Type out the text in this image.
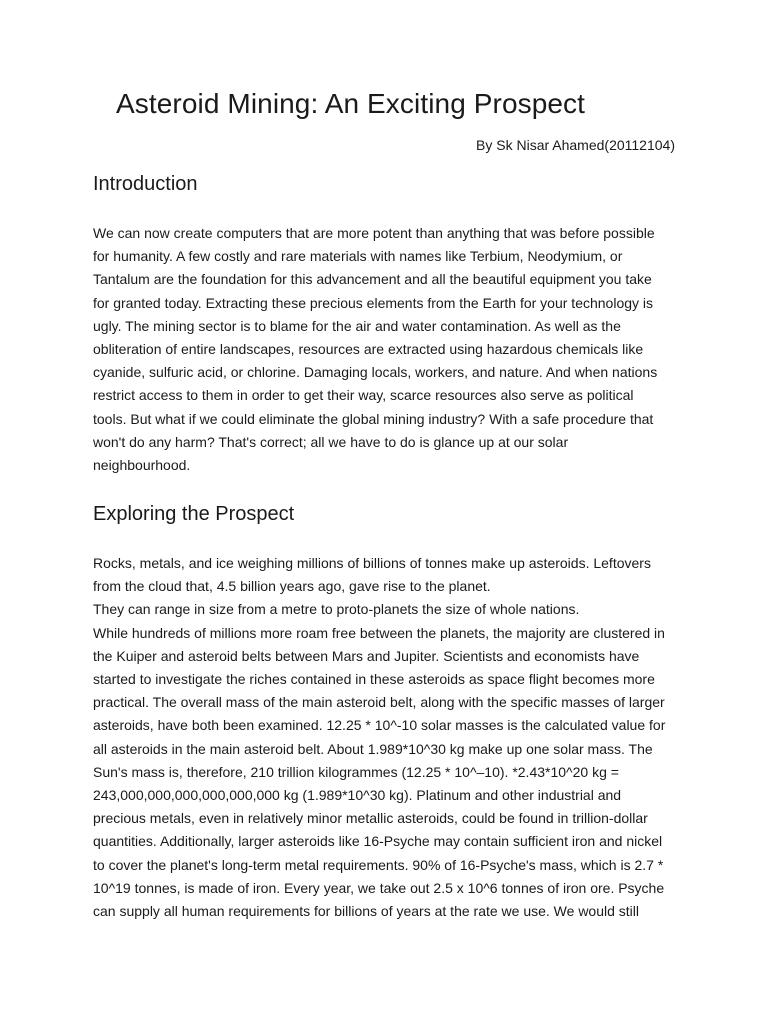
Asteroid Mining: An Exciting Prospect

By Sk Nisar Ahamed(20112104)

Introduction
We can now create computers that are more potent than anything that was before possible
for humanity. A few costly and rare materials with names like Terbium, Neodymium, or
Tantalum are the foundation for this advancement and all the beautiful equipment you take
for granted today. Extracting these precious elements from the Earth for your technology is
ugly. The mining sector is to blame for the air and water contamination. As well as the
obliteration of entire landscapes, resources are extracted using hazardous chemicals like
cyanide, sulfuric acid, or chlorine. Damaging locals, workers, and nature. And when nations
restrict access to them in order to get their way, scarce resources also serve as political
tools. But what if we could eliminate the global mining industry? With a safe procedure that
won't do any harm? That's correct; all we have to do is glance up at our solar
neighbourhood.
Exploring the Prospect
Rocks, metals, and ice weighing millions of billions of tonnes make up asteroids. Leftovers
from the cloud that, 4.5 billion years ago, gave rise to the planet.
They can range in size from a metre to proto-planets the size of whole nations.
While hundreds of millions more roam free between the planets, the majority are clustered in
the Kuiper and asteroid belts between Mars and Jupiter. Scientists and economists have
started to investigate the riches contained in these asteroids as space flight becomes more
practical. The overall mass of the main asteroid belt, along with the specific masses of larger
asteroids, have both been examined. 12.25 * 10^-10 solar masses is the calculated value for
all asteroids in the main asteroid belt. About 1.989*10^30 kg make up one solar mass. The
Sun's mass is, therefore, 210 trillion kilogrammes (12.25 * 10^–10). *2.43*10^20 kg =
243,000,000,000,000,000,000 kg (1.989*10^30 kg). Platinum and other industrial and
precious metals, even in relatively minor metallic asteroids, could be found in trillion-dollar
quantities. Additionally, larger asteroids like 16-Psyche may contain sufficient iron and nickel
to cover the planet's long-term metal requirements. 90% of 16-Psyche's mass, which is 2.7 *
10^19 tonnes, is made of iron. Every year, we take out 2.5 x 10^6 tonnes of iron ore. Psyche
can supply all human requirements for billions of years at the rate we use. We would still
